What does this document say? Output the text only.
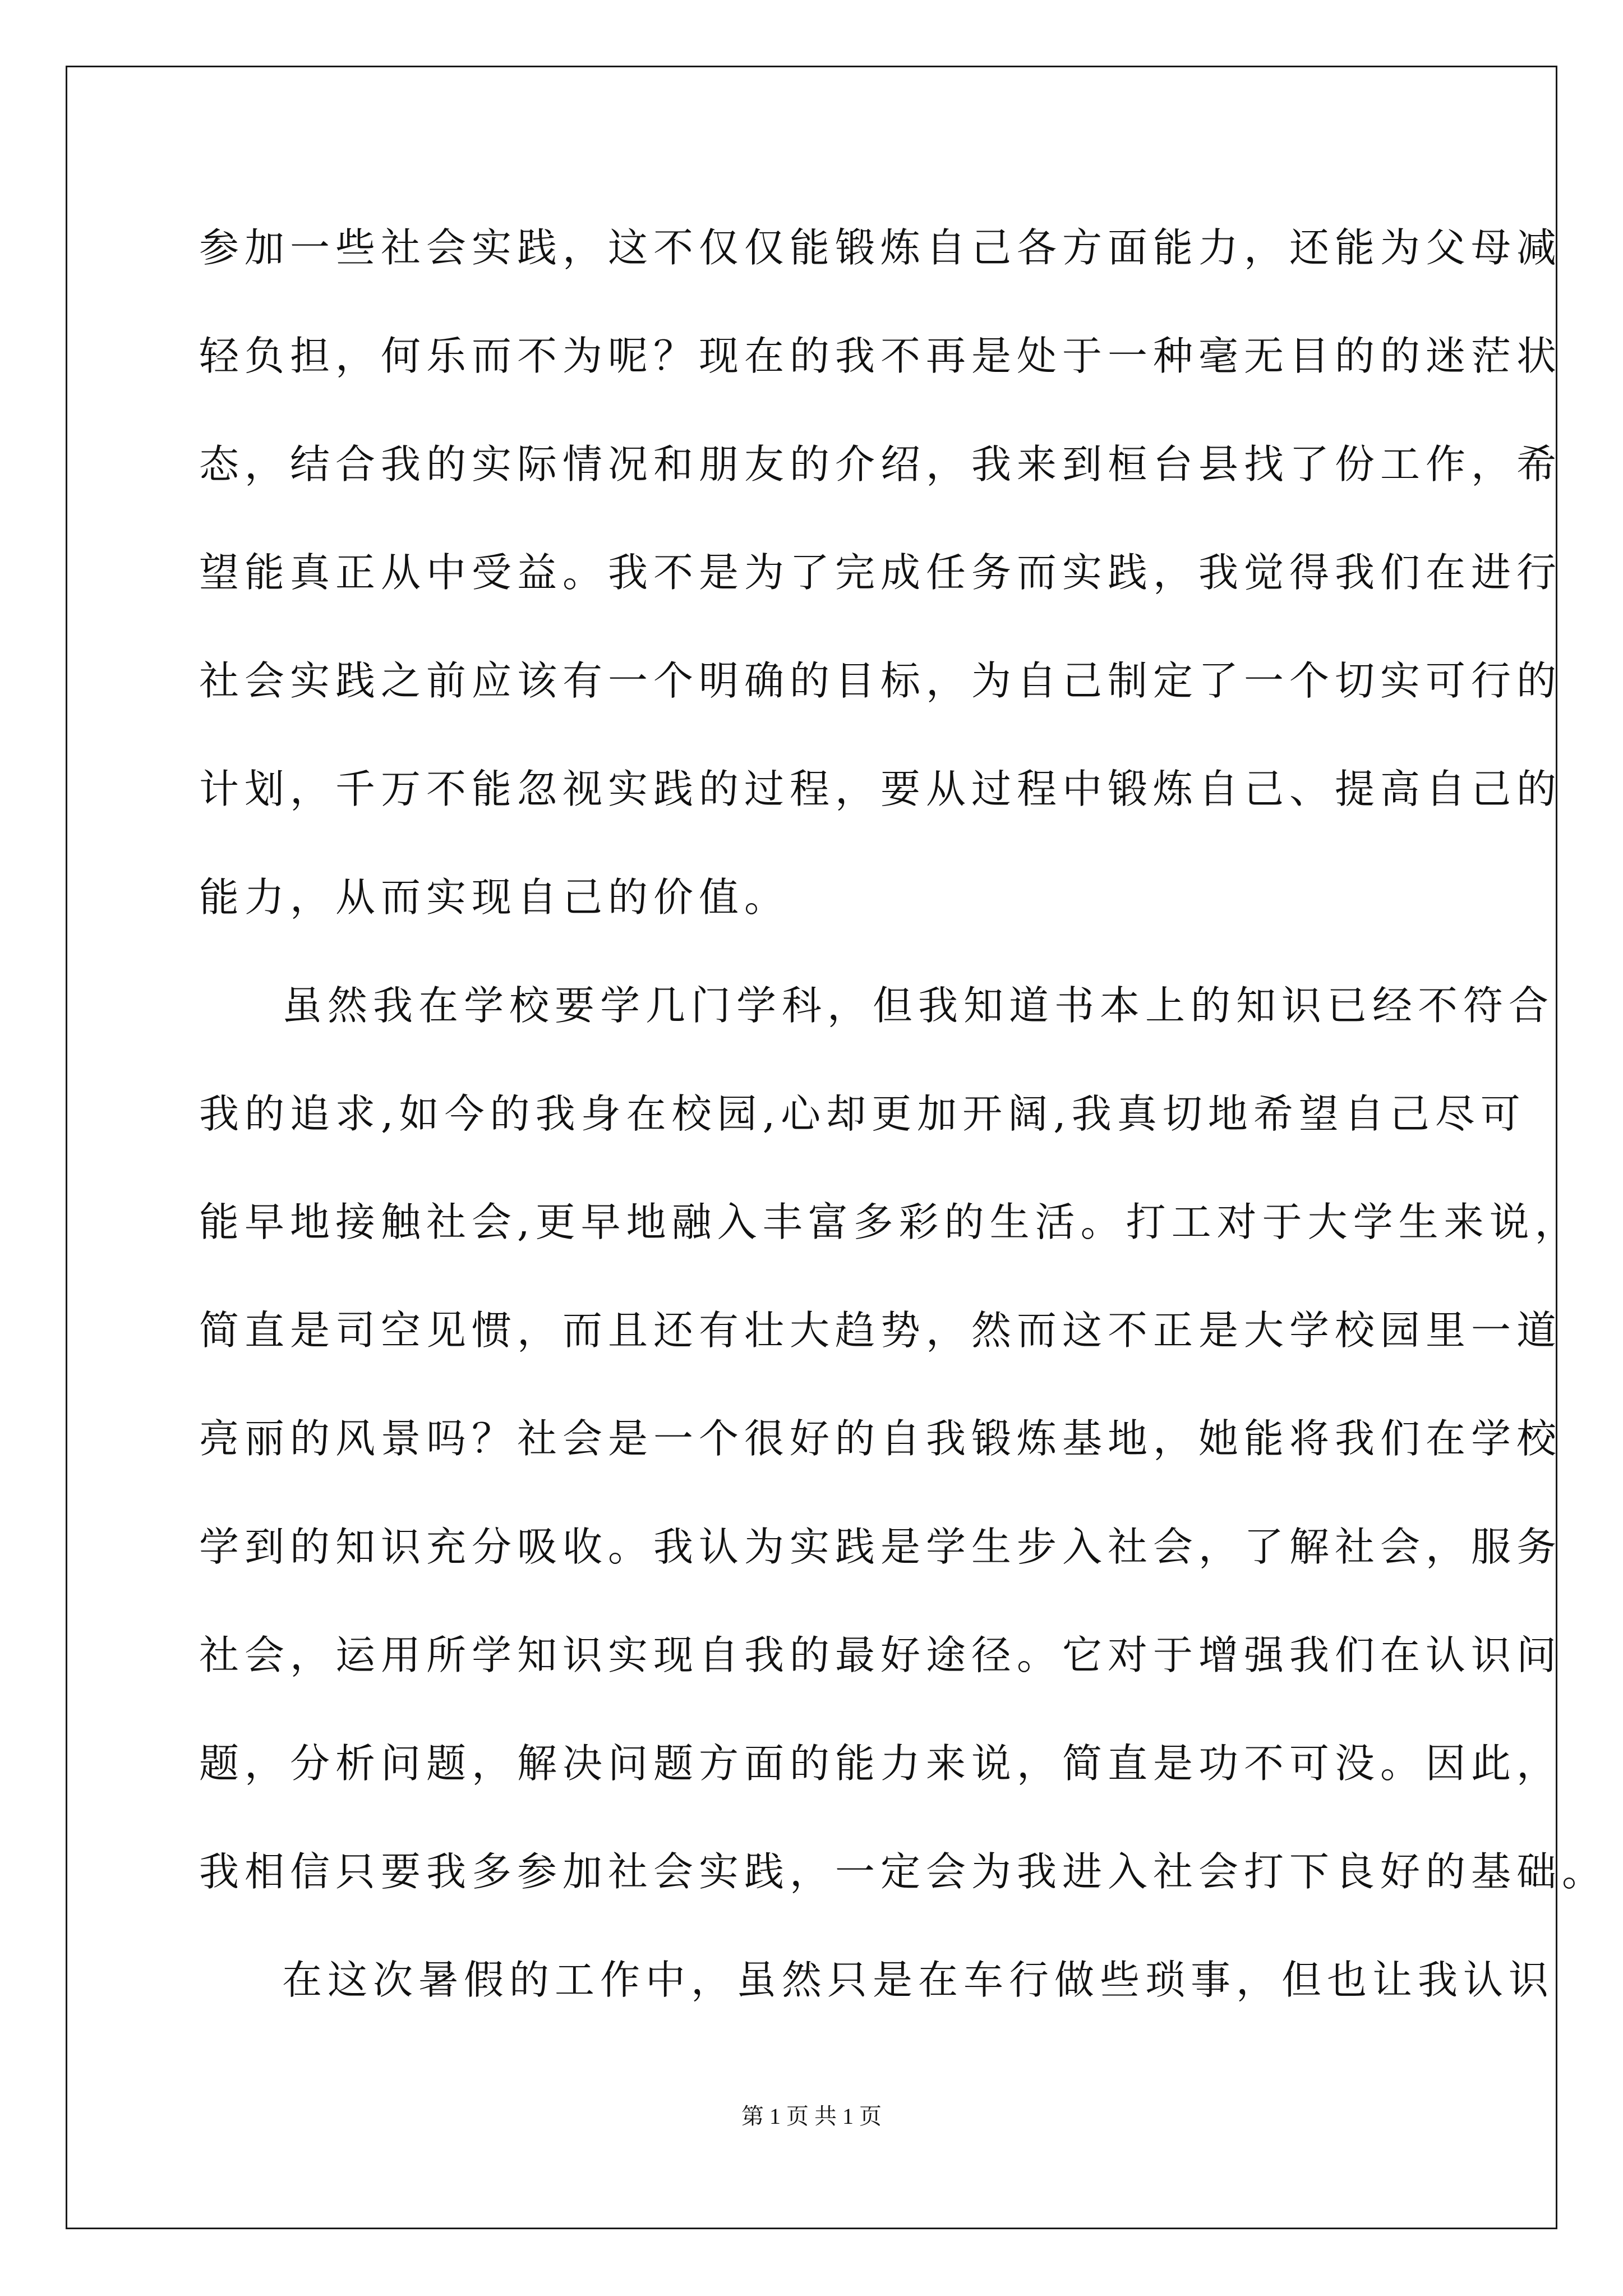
参加一些社会实践，这不仅仅能锻炼自己各方面能力，还能为父母减
轻负担，何乐而不为呢？现在的我不再是处于一种毫无目的的迷茫状
态，结合我的实际情况和朋友的介绍，我来到桓台县找了份工作，希
望能真正从中受益。我不是为了完成任务而实践，我觉得我们在进行
社会实践之前应该有一个明确的目标，为自己制定了一个切实可行的
计划，千万不能忽视实践的过程，要从过程中锻炼自己、提高自己的
能力，从而实现自己的价值。
虽然我在学校要学几门学科，但我知道书本上的知识已经不符合
我的追求,如今的我身在校园,心却更加开阔,我真切地希望自己尽可
能早地接触社会,更早地融入丰富多彩的生活。打工对于大学生来说，
简直是司空见惯，而且还有壮大趋势，然而这不正是大学校园里一道
亮丽的风景吗？社会是一个很好的自我锻炼基地，她能将我们在学校
学到的知识充分吸收。我认为实践是学生步入社会，了解社会，服务
社会，运用所学知识实现自我的最好途径。它对于增强我们在认识问
题，分析问题，解决问题方面的能力来说，简直是功不可没。因此，
我相信只要我多参加社会实践，一定会为我进入社会打下良好的基础。
在这次暑假的工作中，虽然只是在车行做些琐事，但也让我认识
第 1 页 共 1 页
